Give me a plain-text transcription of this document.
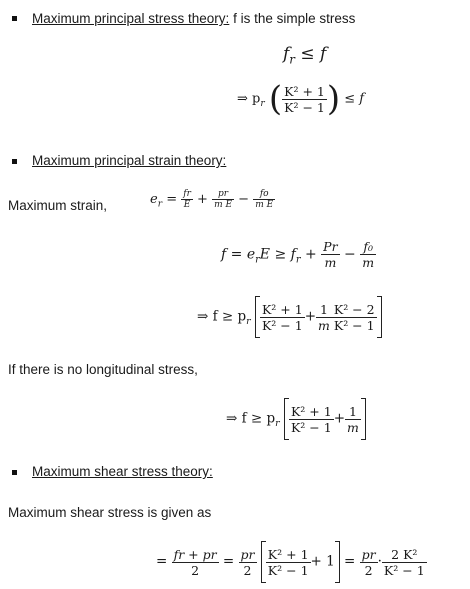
Maximum principal stress theory: f is the simple stress
$f_r \le f$
⇒ $p_r$ ( $\frac{\text{K² + 1}}{\text{K² − 1}}$ ) ≤ f
Maximum principal strain theory:
Maximum strain,	$e_r = \frac{fr}{E} + \frac{pr}{\text{m E}} - \frac{fo}{\text{m E}}$
$f = e_rE \ge f_r + \frac{Pr}{m} - \frac{\text{f₀}}{m}$
⇒ $f \ge p_r \frac{\text{K² + 1}}{\text{K² − 1}} + \frac{1}{m} \frac{\text{K² − 2}}{\text{K² − 1}}$
If there is no longitudinal stress,
⇒ $f \ge p_r \frac{\text{K² + 1}}{\text{K² − 1}} + \frac{1}{m}$
Maximum shear stress theory:
Maximum shear stress is given as
= $\frac{fr + pr}{2} = \frac{pr}{2}$
$\frac{\text{K² + 1}}{\text{K² − 1}} + 1 = \frac{pr}{2} \cdot \frac{\text{2 K²}}{\text{K² − 1}}$
